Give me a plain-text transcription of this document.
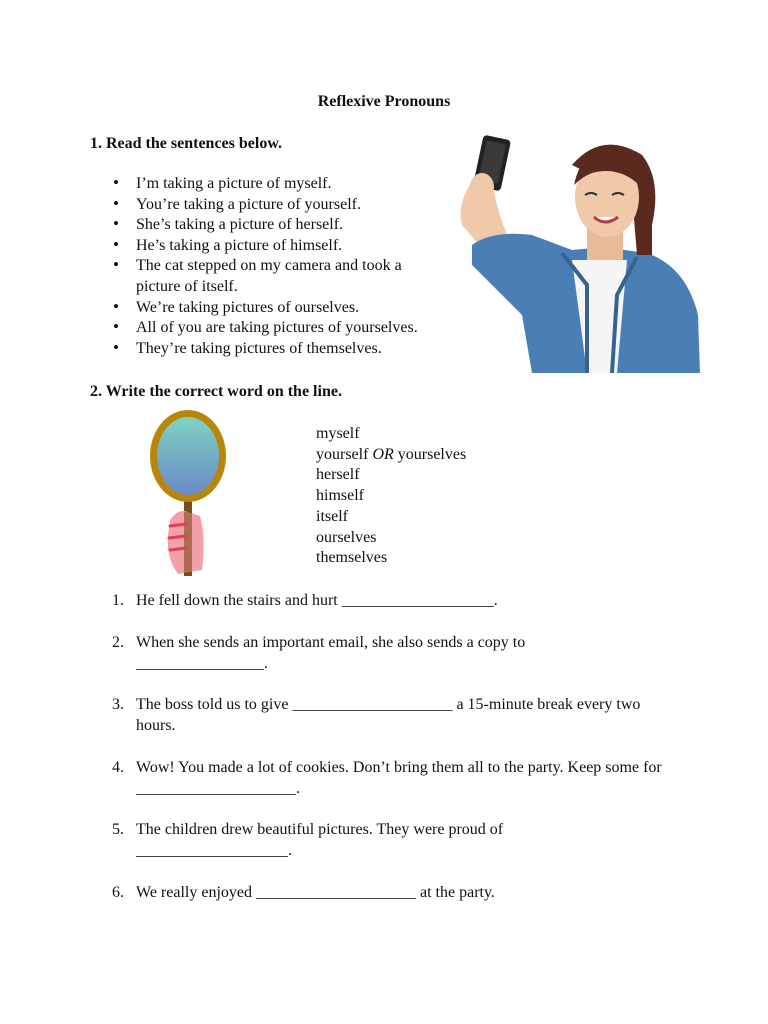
Reflexive Pronouns
1. Read the sentences below.
• I’m taking a picture of myself.
• You’re taking a picture of yourself.
• She’s taking a picture of herself.
• He’s taking a picture of himself.
• The cat stepped on my camera and took a picture of itself.
• We’re taking pictures of ourselves.
• All of you are taking pictures of yourselves.
• They’re taking pictures of themselves.
2. Write the correct word on the line.
myself
yourself OR yourselves
herself
himself
itself
ourselves
themselves
1. He fell down the stairs and hurt ___________________.
2. When she sends an important email, she also sends a copy to ________________.
3. The boss told us to give ____________________ a 15-minute break every two hours.
4. Wow! You made a lot of cookies. Don’t bring them all to the party. Keep some for ____________________.
5. The children drew beautiful pictures. They were proud of ___________________.
6. We really enjoyed ____________________ at the party.
